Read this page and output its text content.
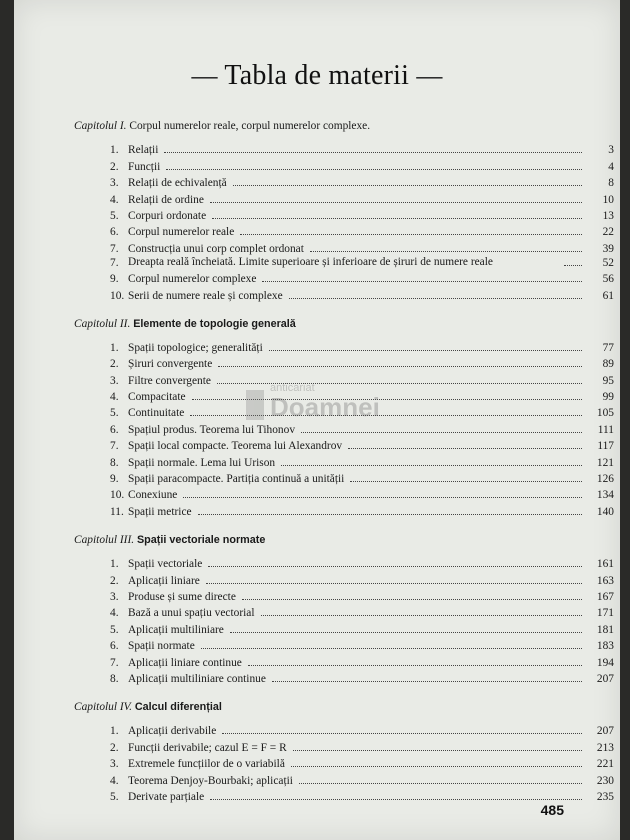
— Tabla de materii —
Capitolul I. Corpul numerelor reale, corpul numerelor complexe.
1. Relații	3
2. Funcții	4
3. Relații de echivalență	8
4. Relații de ordine	10
5. Corpuri ordonate	13
6. Corpul numerelor reale	22
7. Construcția unui corp complet ordonat	39
7. Dreapta reală încheiată. Limite superioare și inferioare de șiruri de numere reale	52
9. Corpul numerelor complexe	56
10. Serii de numere reale și complexe	61
Capitolul II. Elemente de topologie generală
1. Spații topologice; generalități	77
2. Șiruri convergente	89
3. Filtre convergente	95
4. Compacitate	99
5. Continuitate	105
6. Spațiul produs. Teorema lui Tihonov	111
7. Spații local compacte. Teorema lui Alexandrov	117
8. Spații normale. Lema lui Urison	121
9. Spații paracompacte. Partiția continuă a unității	126
10. Conexiune	134
11. Spații metrice	140
Capitolul III. Spații vectoriale normate
1. Spații vectoriale	161
2. Aplicații liniare	163
3. Produse și sume directe	167
4. Bază a unui spațiu vectorial	171
5. Aplicații multiliniare	181
6. Spații normate	183
7. Aplicații liniare continue	194
8. Aplicații multiliniare continue	207
Capitolul IV. Calcul diferențial
1. Aplicații derivabile	207
2. Funcții derivabile; cazul E = F = R	213
3. Extremele funcțiilor de o variabilă	221
4. Teorema Denjoy-Bourbaki; aplicații	230
5. Derivate parțiale	235
anticariat
Doamnei
485
